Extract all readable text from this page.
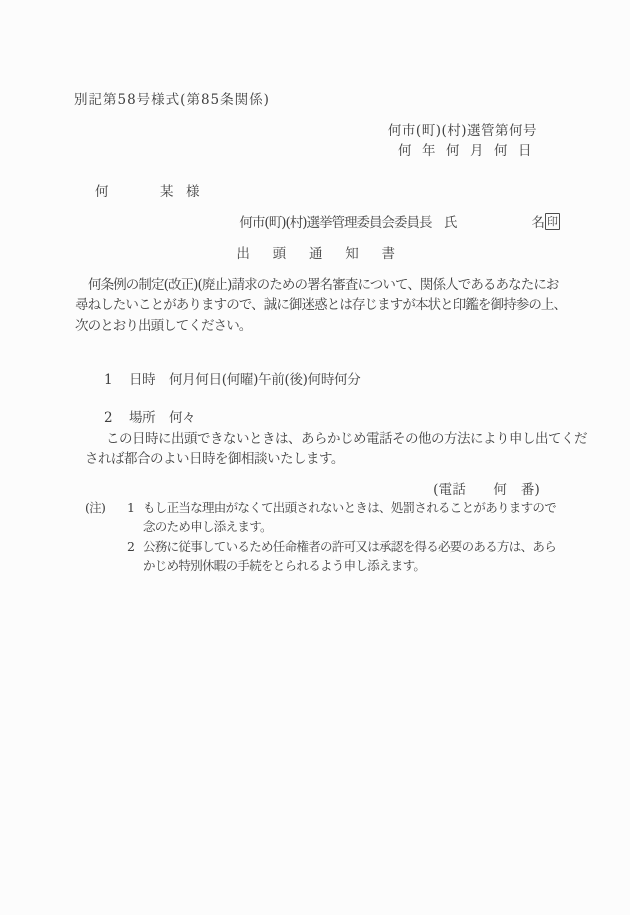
別記第58号様式(第85条関係)
何市(町)(村)選管第何号
何　年　何　月　何　日
何　　　　某　様
何市(町)(村)選挙管理委員会委員長　氏　　　　　　名 印
出　　頭　　通　　知　　書
何条例の制定(改正)(廃止)請求のための署名審査について、関係人であるあなたにお
尋ねしたいことがありますので、誠に御迷惑とは存じますが本状と印鑑を御持参の上、
次のとおり出頭してください。

1 日時 何月何日(何曜)午前(後)何時何分

2 場所 何々

この日時に出頭できないときは、あらかじめ電話その他の方法により申し出てくだ
されば都合のよい日時を御相談いたします。
(電話　　何　番)
(注)	1 もし正当な理由がなくて出頭されないときは、処罰されることがありますので
念のため申し添えます。
2 公務に従事しているため任命権者の許可又は承認を得る必要のある方は、あら
かじめ特別休暇の手続をとられるよう申し添えます。
